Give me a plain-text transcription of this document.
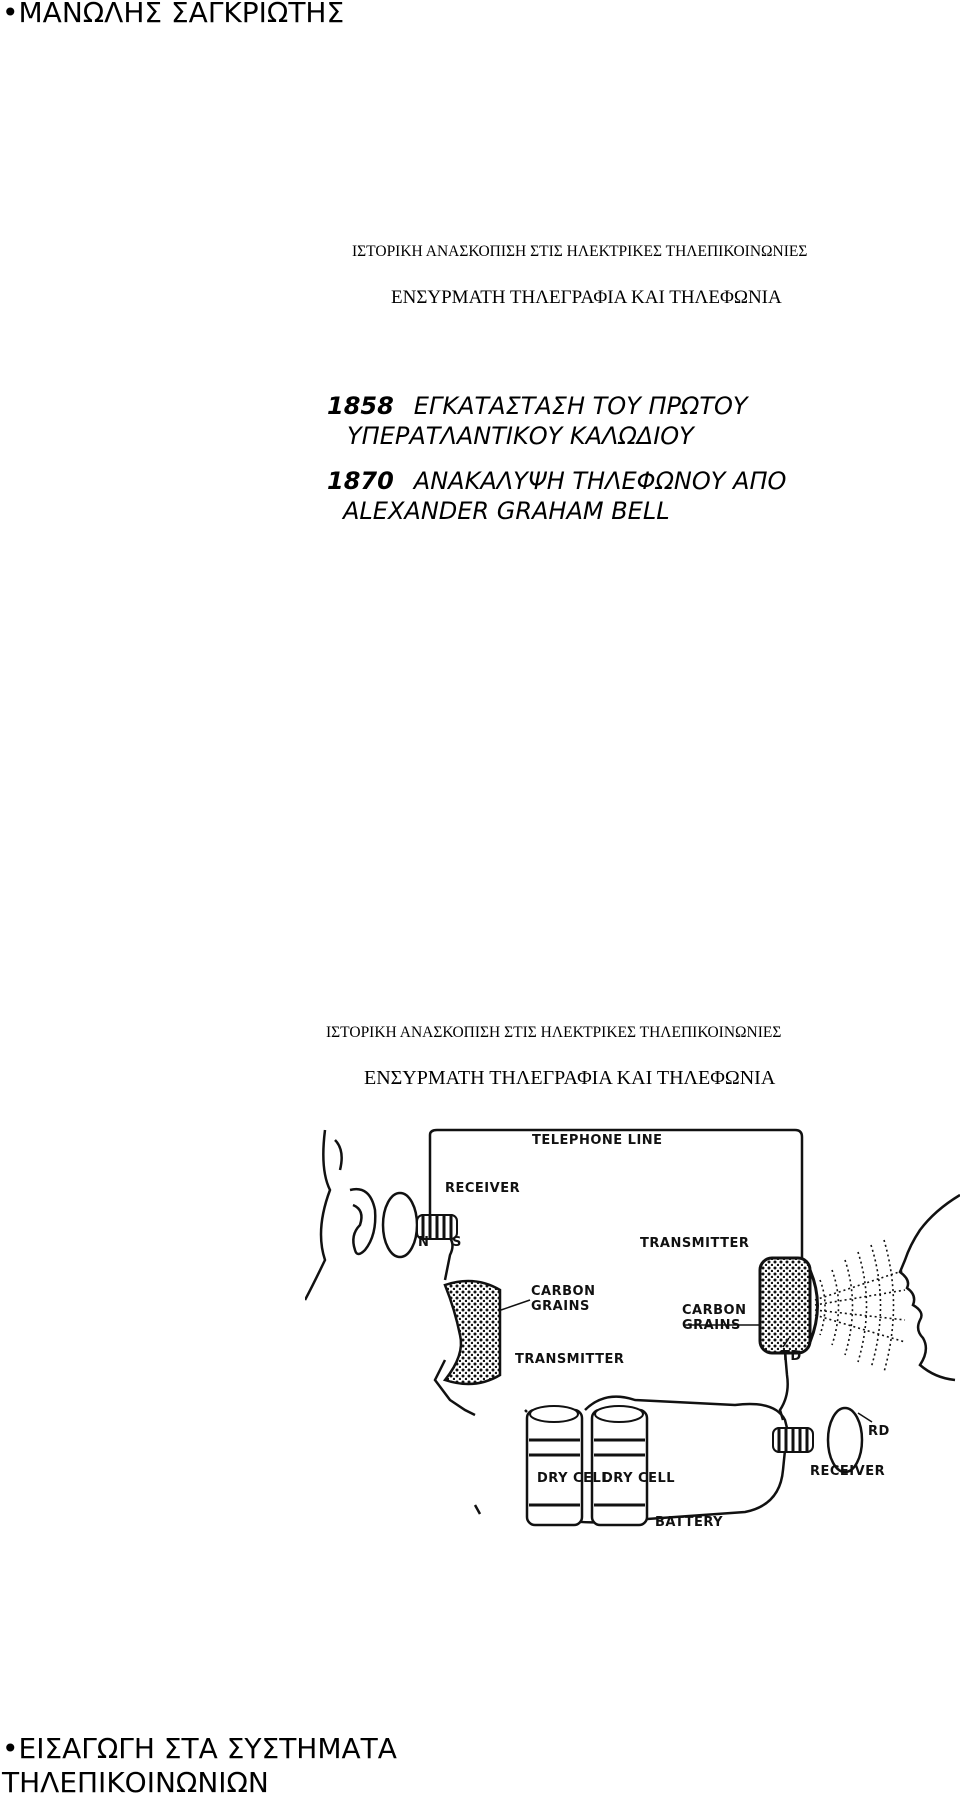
•ΜΑΝΩΛΗΣ ΣΑΓΚΡΙΩΤΗΣ
ΙΣΤΟΡΙΚΗ ΑΝΑΣΚΟΠΙΣΗ ΣΤΙΣ ΗΛΕΚΤΡΙΚΕΣ ΤΗΛΕΠΙΚΟΙΝΩΝΙΕΣ
ΕΝΣΥΡΜΑΤΗ ΤΗΛΕΓΡΑΦΙΑ ΚΑΙ ΤΗΛΕΦΩΝΙΑ
1858 ΕΓΚΑΤΑΣΤΑΣΗ ΤΟΥ ΠΡΩΤΟΥ
ΥΠΕΡΑΤΛΑΝΤΙΚΟΥ ΚΑΛΩΔΙΟΥ
1870 ΑΝΑΚΑΛΥΨΗ ΤΗΛΕΦΩΝΟΥ ΑΠΟ
ALEXANDER GRAHAM BELL
ΙΣΤΟΡΙΚΗ ΑΝΑΣΚΟΠΙΣΗ ΣΤΙΣ ΗΛΕΚΤΡΙΚΕΣ ΤΗΛΕΠΙΚΟΙΝΩΝΙΕΣ
ΕΝΣΥΡΜΑΤΗ ΤΗΛΕΓΡΑΦΙΑ ΚΑΙ ΤΗΛΕΦΩΝΙΑ
DRY CELL
DRY CELL
TELEPHONE LINE
RECEIVER
N S	TRANSMITTER
CARBON
GRAINS	CARBON
GRAINS
TD
TRANSMITTER
RD
RECEIVER
BATTERY
•ΕΙΣΑΓΩΓΗ ΣΤΑ ΣΥΣΤΗΜΑΤΑ ΤΗΛΕΠΙΚΟΙΝΩΝΙΩΝ
